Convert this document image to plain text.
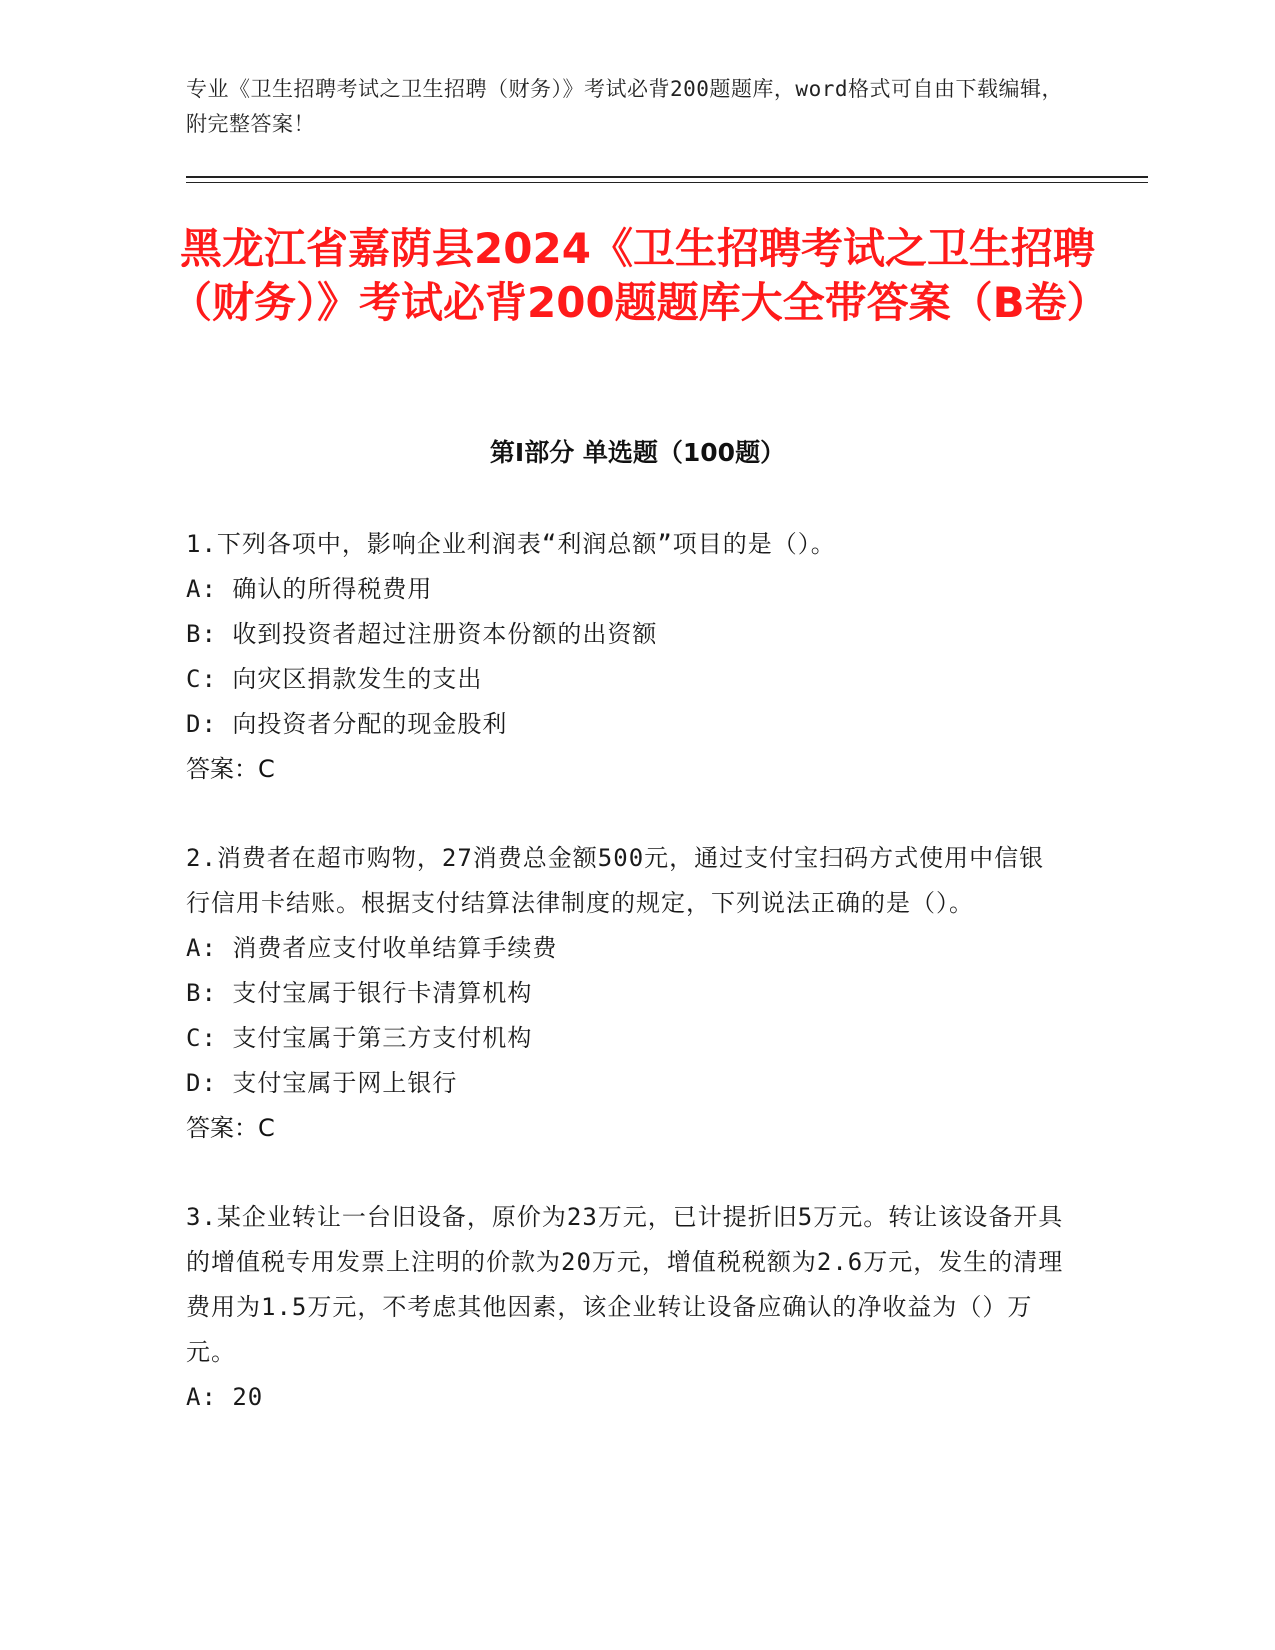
专业《卫生招聘考试之卫生招聘（财务）》考试必背200题题库，word格式可自由下载编辑，附完整答案！
黑龙江省嘉荫县2024《卫生招聘考试之卫生招聘（财务）》考试必背200题题库大全带答案（B卷）
第I部分 单选题（100题）

1.下列各项中，影响企业利润表“利润总额”项目的是（）。

A: 确认的所得税费用

B: 收到投资者超过注册资本份额的出资额

C: 向灾区捐款发生的支出

D: 向投资者分配的现金股利

答案：C

2.消费者在超市购物，27消费总金额500元，通过支付宝扫码方式使用中信银行信用卡结账。根据支付结算法律制度的规定，下列说法正确的是（）。

A: 消费者应支付收单结算手续费

B: 支付宝属于银行卡清算机构

C: 支付宝属于第三方支付机构

D: 支付宝属于网上银行

答案：C

3.某企业转让一台旧设备，原价为23万元，已计提折旧5万元。转让该设备开具的增值税专用发票上注明的价款为20万元，增值税税额为2.6万元，发生的清理费用为1.5万元，不考虑其他因素，该企业转让设备应确认的净收益为（）万元。

A: 20
